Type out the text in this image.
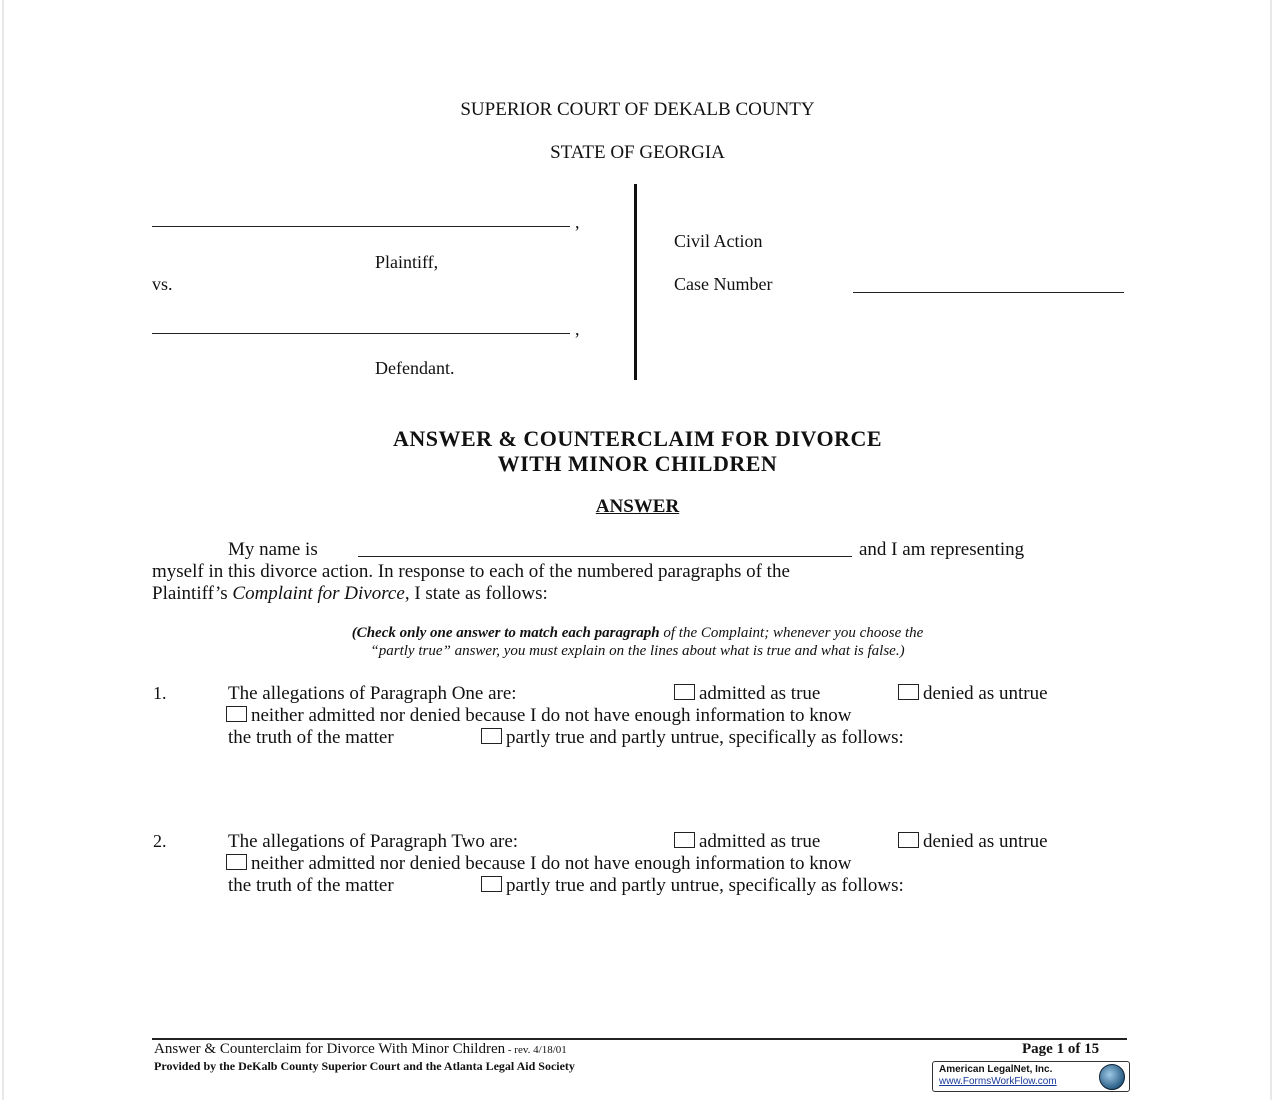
SUPERIOR COURT OF DEKALB COUNTY
STATE OF GEORGIA
,
Plaintiff,
vs.
,
Defendant.
Civil Action
Case Number
ANSWER & COUNTERCLAIM FOR DIVORCE
WITH MINOR CHILDREN
ANSWER
My name is	and I am representing
myself in this divorce action. In response to each of the numbered paragraphs of the
Plaintiff’s Complaint for Divorce, I state as follows:
(Check only one answer to match each paragraph of the Complaint; whenever you choose the
“partly true” answer, you must explain on the lines about what is true and what is false.)
1.	The allegations of Paragraph One are:	admitted as true	denied as untrue
neither admitted nor denied because I do not have enough information to know
the truth of the matter	partly true and partly untrue, specifically as follows:
2.	The allegations of Paragraph Two are:	admitted as true	denied as untrue
neither admitted nor denied because I do not have enough information to know
the truth of the matter	partly true and partly untrue, specifically as follows:
Answer & Counterclaim for Divorce With Minor Children - rev. 4/18/01	Page 1 of 15
Provided by the DeKalb County Superior Court and the Atlanta Legal Aid Society	American LegalNet, Inc.
www.FormsWorkFlow.com
